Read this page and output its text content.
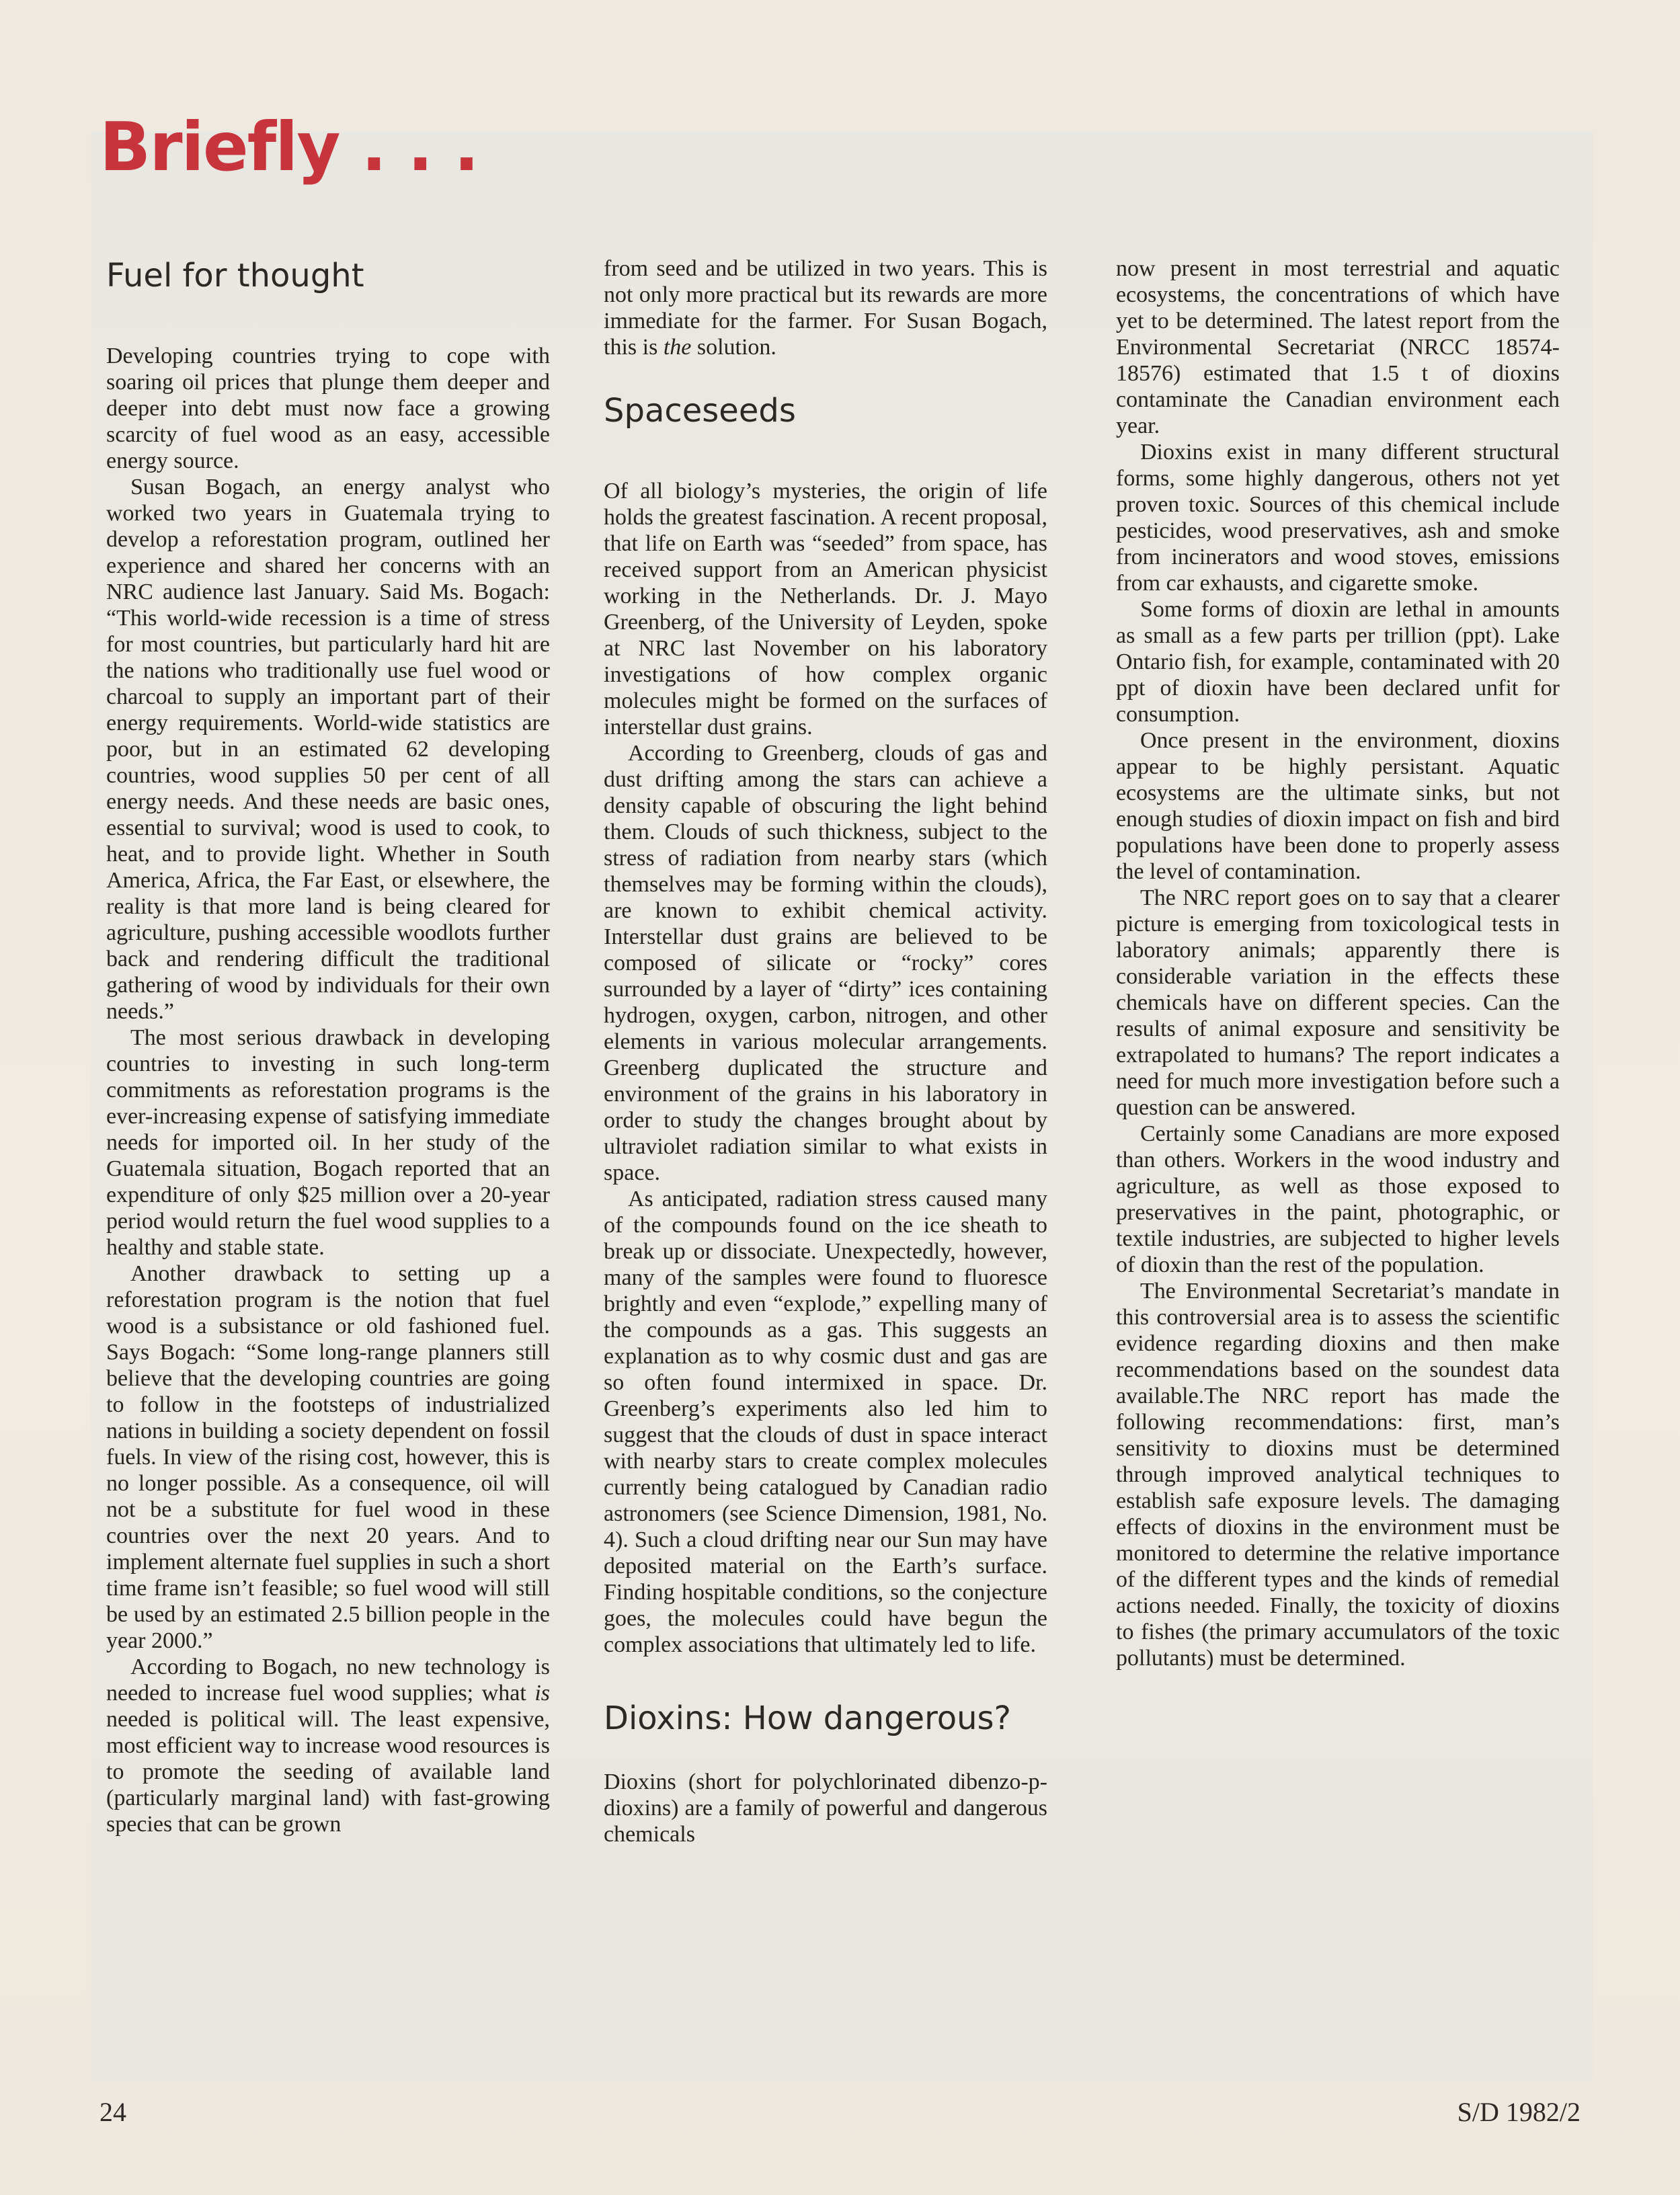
Briefly . . .
Fuel for thought

Developing countries trying to cope with soaring oil prices that plunge them deeper and deeper into debt must now face a growing scarcity of fuel wood as an easy, accessible energy source.

Susan Bogach, an energy analyst who worked two years in Guatemala trying to develop a reforestation program, outlined her experience and shared her concerns with an NRC audience last January. Said Ms. Bogach: “This world-wide recession is a time of stress for most countries, but particularly hard hit are the nations who traditionally use fuel wood or charcoal to supply an important part of their energy requirements. World-wide statistics are poor, but in an estimated 62 developing countries, wood supplies 50 per cent of all energy needs. And these needs are basic ones, essential to survival; wood is used to cook, to heat, and to provide light. Whether in South America, Africa, the Far East, or elsewhere, the reality is that more land is being cleared for agriculture, pushing accessible woodlots further back and rendering difficult the traditional gathering of wood by individuals for their own needs.”

The most serious drawback in developing countries to investing in such long-term commitments as reforestation programs is the ever-increasing expense of satisfying immediate needs for imported oil. In her study of the Guatemala situation, Bogach reported that an expenditure of only $25 million over a 20-year period would return the fuel wood supplies to a healthy and stable state.

Another drawback to setting up a reforestation program is the notion that fuel wood is a subsistance or old fashioned fuel. Says Bogach: “Some long-range planners still believe that the developing countries are going to follow in the footsteps of industrialized nations in building a society dependent on fossil fuels. In view of the rising cost, however, this is no longer possible. As a consequence, oil will not be a substitute for fuel wood in these countries over the next 20 years. And to implement alternate fuel supplies in such a short time frame isn’t feasible; so fuel wood will still be used by an estimated 2.5 billion people in the year 2000.”

According to Bogach, no new technology is needed to increase fuel wood supplies; what is needed is political will. The least expensive, most efficient way to increase wood resources is to promote the seeding of available land (particularly marginal land) with fast-growing species that can be grown

from seed and be utilized in two years. This is not only more practical but its rewards are more immediate for the farmer. For Susan Bogach, this is the solution.

Spaceseeds

Of all biology’s mysteries, the origin of life holds the greatest fascination. A recent proposal, that life on Earth was “seeded” from space, has received support from an American physicist working in the Netherlands. Dr. J. Mayo Greenberg, of the University of Leyden, spoke at NRC last November on his laboratory investigations of how complex organic molecules might be formed on the surfaces of interstellar dust grains.

According to Greenberg, clouds of gas and dust drifting among the stars can achieve a density capable of obscuring the light behind them. Clouds of such thickness, subject to the stress of radiation from nearby stars (which themselves may be forming within the clouds), are known to exhibit chemical activity. Interstellar dust grains are believed to be composed of silicate or “rocky” cores surrounded by a layer of “dirty” ices containing hydrogen, oxygen, carbon, nitrogen, and other elements in various molecular arrangements. Greenberg duplicated the structure and environment of the grains in his laboratory in order to study the changes brought about by ultraviolet radiation similar to what exists in space.

As anticipated, radiation stress caused many of the compounds found on the ice sheath to break up or dissociate. Unexpectedly, however, many of the samples were found to fluoresce brightly and even “explode,” expelling many of the compounds as a gas. This suggests an explanation as to why cosmic dust and gas are so often found intermixed in space. Dr. Greenberg’s experiments also led him to suggest that the clouds of dust in space interact with nearby stars to create complex molecules currently being catalogued by Canadian radio astronomers (see Science Dimension, 1981, No. 4). Such a cloud drifting near our Sun may have deposited material on the Earth’s surface. Finding hospitable conditions, so the conjecture goes, the molecules could have begun the complex associations that ultimately led to life.

Dioxins: How dangerous?

Dioxins (short for polychlorinated dibenzo-p-dioxins) are a family of powerful and dangerous chemicals

now present in most terrestrial and aquatic ecosystems, the concentrations of which have yet to be determined. The latest report from the Environmental Secretariat (NRCC 18574-18576) estimated that 1.5 t of dioxins contaminate the Canadian environment each year.

Dioxins exist in many different structural forms, some highly dangerous, others not yet proven toxic. Sources of this chemical include pesticides, wood preservatives, ash and smoke from incinerators and wood stoves, emissions from car exhausts, and cigarette smoke.

Some forms of dioxin are lethal in amounts as small as a few parts per trillion (ppt). Lake Ontario fish, for example, contaminated with 20 ppt of dioxin have been declared unfit for consumption.

Once present in the environment, dioxins appear to be highly persistant. Aquatic ecosystems are the ultimate sinks, but not enough studies of dioxin impact on fish and bird populations have been done to properly assess the level of contamination.

The NRC report goes on to say that a clearer picture is emerging from toxicological tests in laboratory animals; apparently there is considerable variation in the effects these chemicals have on different species. Can the results of animal exposure and sensitivity be extrapolated to humans? The report indicates a need for much more investigation before such a question can be answered.

Certainly some Canadians are more exposed than others. Workers in the wood industry and agriculture, as well as those exposed to preservatives in the paint, photographic, or textile industries, are subjected to higher levels of dioxin than the rest of the population.

The Environmental Secretariat’s mandate in this controversial area is to assess the scientific evidence regarding dioxins and then make recommendations based on the soundest data available.The NRC report has made the following recommendations: first, man’s sensitivity to dioxins must be determined through improved analytical techniques to establish safe exposure levels. The damaging effects of dioxins in the environment must be monitored to determine the relative importance of the different types and the kinds of remedial actions needed. Finally, the toxicity of dioxins to fishes (the primary accumulators of the toxic pollutants) must be determined.

24	S/D 1982/2
